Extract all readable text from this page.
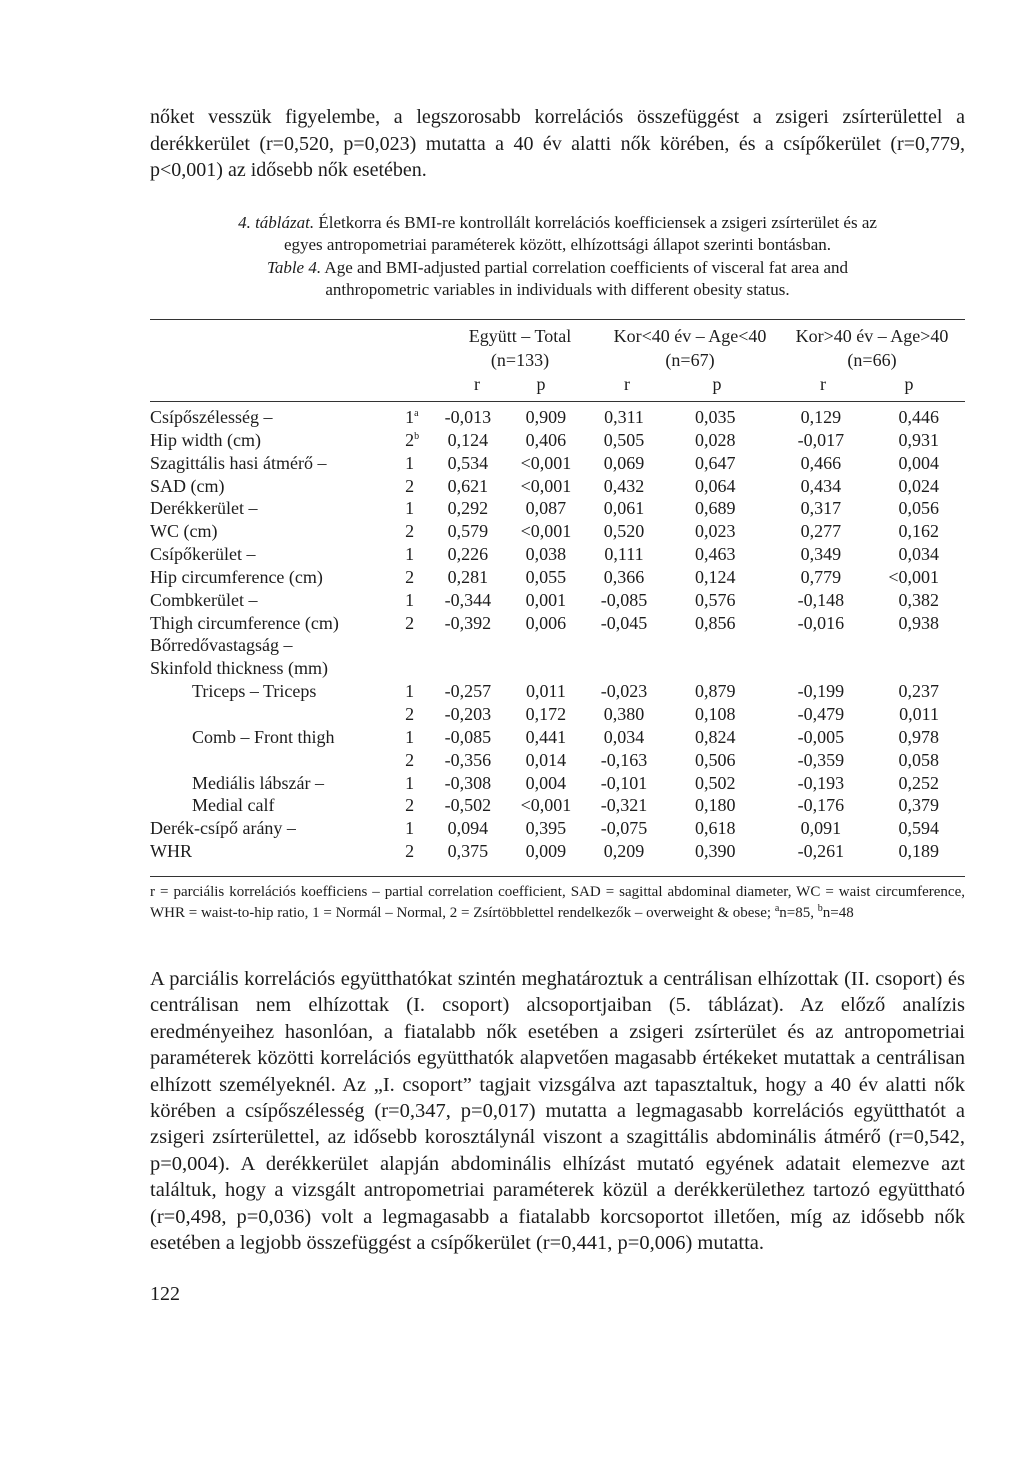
nőket vesszük figyelembe, a legszorosabb korrelációs összefüggést a zsigeri zsírterülettel a derékkerület (r=0,520, p=0,023) mutatta a 40 év alatti nők körében, és a csípőkerület (r=0,779, p<0,001) az idősebb nők esetében.

4. táblázat. Életkorra és BMI-re kontrollált korrelációs koefficiensek a zsigeri zsírterület és az
egyes antropometriai paraméterek között, elhízottsági állapot szerinti bontásban.
Table 4. Age and BMI-adjusted partial correlation coefficients of visceral fat area and
anthropometric variables in individuals with different obesity status.
Együtt – Total
(n=133)
Kor<40 év – Age<40
(n=67)
Kor>40 év – Age>40
(n=66)
r	p	r	p	r	p
Csípőszélesség –	1$^a$	-0,013	0,909	0,311	0,035	0,129	0,446
Hip width (cm)	2$^b$	0,124	0,406	0,505	0,028	-0,017	0,931
Szagittális hasi átmérő –	1	0,534	<0,001	0,069	0,647	0,466	0,004
SAD (cm)	2	0,621	<0,001	0,432	0,064	0,434	0,024
Derékkerület –	1	0,292	0,087	0,061	0,689	0,317	0,056
WC (cm)	2	0,579	<0,001	0,520	0,023	0,277	0,162
Csípőkerület –	1	0,226	0,038	0,111	0,463	0,349	0,034
Hip circumference (cm)	2	0,281	0,055	0,366	0,124	0,779	<0,001
Combkerület –	1	-0,344	0,001	-0,085	0,576	-0,148	0,382
Thigh circumference (cm)	2	-0,392	0,006	-0,045	0,856	-0,016	0,938
Bőrredővastagság –							
Skinfold thickness (mm)							
Triceps – Triceps	1	-0,257	0,011	-0,023	0,879	-0,199	0,237
	2	-0,203	0,172	0,380	0,108	-0,479	0,011
Comb – Front thigh	1	-0,085	0,441	0,034	0,824	-0,005	0,978
	2	-0,356	0,014	-0,163	0,506	-0,359	0,058
Mediális lábszár –	1	-0,308	0,004	-0,101	0,502	-0,193	0,252
Medial calf	2	-0,502	<0,001	-0,321	0,180	-0,176	0,379
Derék-csípő arány –	1	0,094	0,395	-0,075	0,618	0,091	0,594
WHR	2	0,375	0,009	0,209	0,390	-0,261	0,189

r = parciális korrelációs koefficiens – partial correlation coefficient, SAD = sagittal abdominal diameter, WC = waist circumference, WHR = waist-to-hip ratio, 1 = Normál – Normal, 2 = Zsírtöbblettel rendelkezők – overweight & obese; $^a$n=85, $^b$n=48

A parciális korrelációs együtthatókat szintén meghatároztuk a centrálisan elhízottak (II. csoport) és centrálisan nem elhízottak (I. csoport) alcsoportjaiban (5. táblázat). Az előző analízis eredményeihez hasonlóan, a fiatalabb nők esetében a zsigeri zsírterület és az antropometriai paraméterek közötti korrelációs együtthatók alapvetően magasabb értékeket mutattak a centrálisan elhízott személyeknél. Az „I. csoport” tagjait vizsgálva azt tapasztaltuk, hogy a 40 év alatti nők körében a csípőszélesség (r=0,347, p=0,017) mutatta a legmagasabb korrelációs együtthatót a zsigeri zsírterülettel, az idősebb korosztálynál viszont a szagittális abdominális átmérő (r=0,542, p=0,004). A derékkerület alapján abdominális elhízást mutató egyének adatait elemezve azt találtuk, hogy a vizsgált antropometriai paraméterek közül a derékkerülethez tartozó együttható (r=0,498, p=0,036) volt a legmagasabb a fiatalabb korcsoportot illetően, míg az idősebb nők esetében a legjobb összefüggést a csípőkerület (r=0,441, p=0,006) mutatta.

122
